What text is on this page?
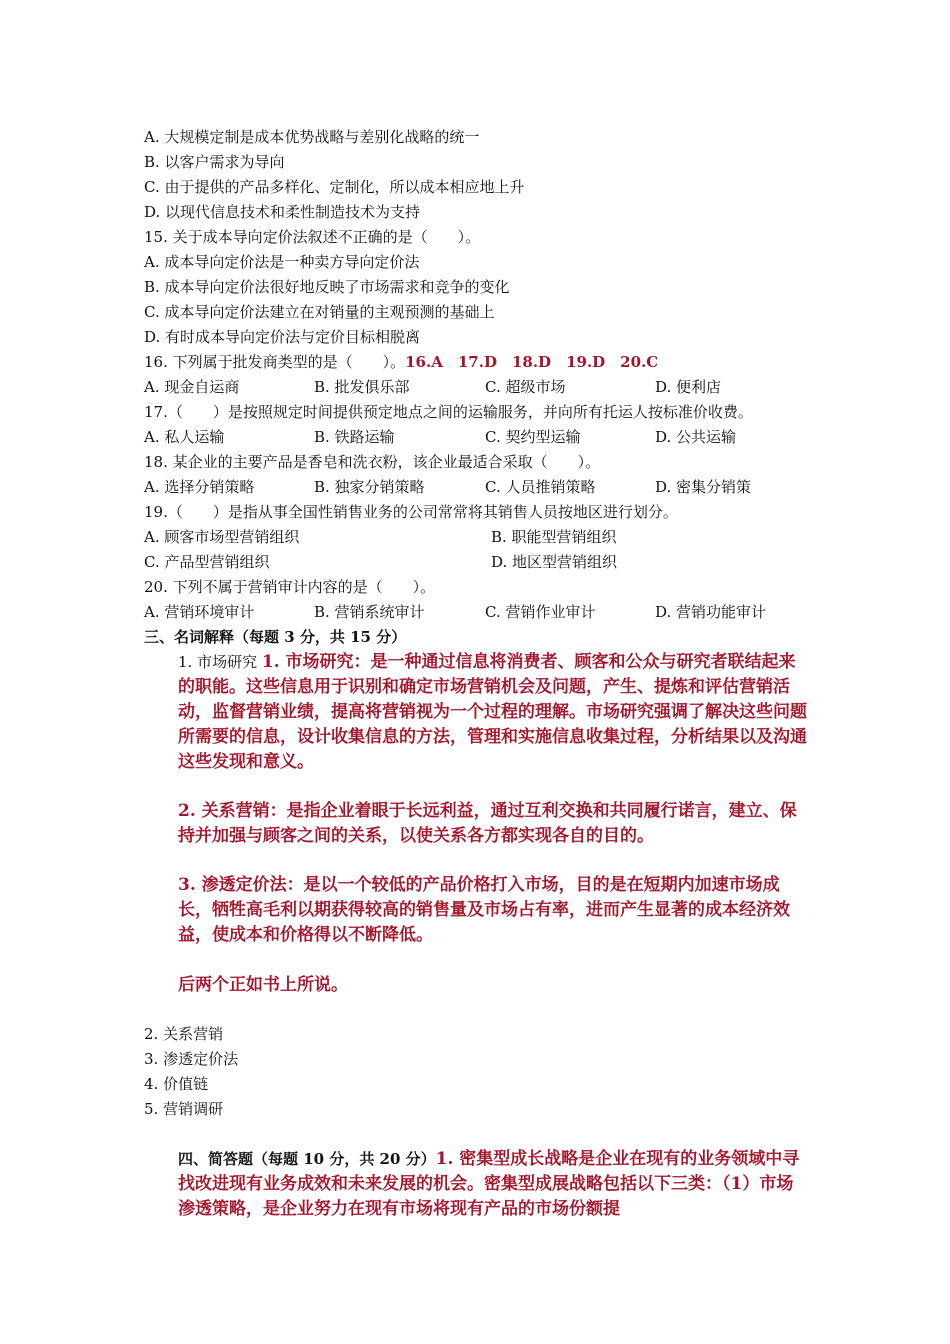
A. 大规模定制是成本优势战略与差别化战略的统一
B. 以客户需求为导向
C. 由于提供的产品多样化、定制化，所以成本相应地上升
D. 以现代信息技术和柔性制造技术为支持
15. 关于成本导向定价法叙述不正确的是（　　）。
A. 成本导向定价法是一种卖方导向定价法
B. 成本导向定价法很好地反映了市场需求和竞争的变化
C. 成本导向定价法建立在对销量的主观预测的基础上
D. 有时成本导向定价法与定价目标相脱离
16. 下列属于批发商类型的是（　　）。16.A　17.D　18.D　19.D　20.C
A. 现金自运商	B. 批发俱乐部	C. 超级市场	D. 便利店
17.（　　）是按照规定时间提供预定地点之间的运输服务，并向所有托运人按标准价收费。
A. 私人运输	B. 铁路运输	C. 契约型运输	D. 公共运输
18. 某企业的主要产品是香皂和洗衣粉，该企业最适合采取（　　）。
A. 选择分销策略	B. 独家分销策略	C. 人员推销策略	D. 密集分销策
19.（　　）是指从事全国性销售业务的公司常常将其销售人员按地区进行划分。
A. 顾客市场型营销组织	B. 职能型营销组织
C. 产品型营销组织	D. 地区型营销组织
20. 下列不属于营销审计内容的是（　　）。
A. 营销环境审计	B. 营销系统审计	C. 营销作业审计	D. 营销功能审计
三、名词解释（每题 3 分，共 15 分）
1. 市场研究 1. 市场研究：是一种通过信息将消费者、顾客和公众与研究者联结起来的职能。这些信息用于识别和确定市场营销机会及问题，产生、提炼和评估营销活动，监督营销业绩，提高将营销视为一个过程的理解。市场研究强调了解决这些问题所需要的信息，设计收集信息的方法，管理和实施信息收集过程，分析结果以及沟通这些发现和意义。
2. 关系营销：是指企业着眼于长远利益，通过互利交换和共同履行诺言，建立、保持并加强与顾客之间的关系，以使关系各方都实现各自的目的。
3. 渗透定价法：是以一个较低的产品价格打入市场，目的是在短期内加速市场成长，牺牲高毛利以期获得较高的销售量及市场占有率，进而产生显著的成本经济效益，使成本和价格得以不断降低。
后两个正如书上所说。
2. 关系营销
3. 渗透定价法
4. 价值链
5. 营销调研
四、简答题（每题 10 分，共 20 分）1. 密集型成长战略是企业在现有的业务领域中寻找改进现有业务成效和未来发展的机会。密集型成展战略包括以下三类：（1）市场渗透策略，是企业努力在现有市场将现有产品的市场份额提
